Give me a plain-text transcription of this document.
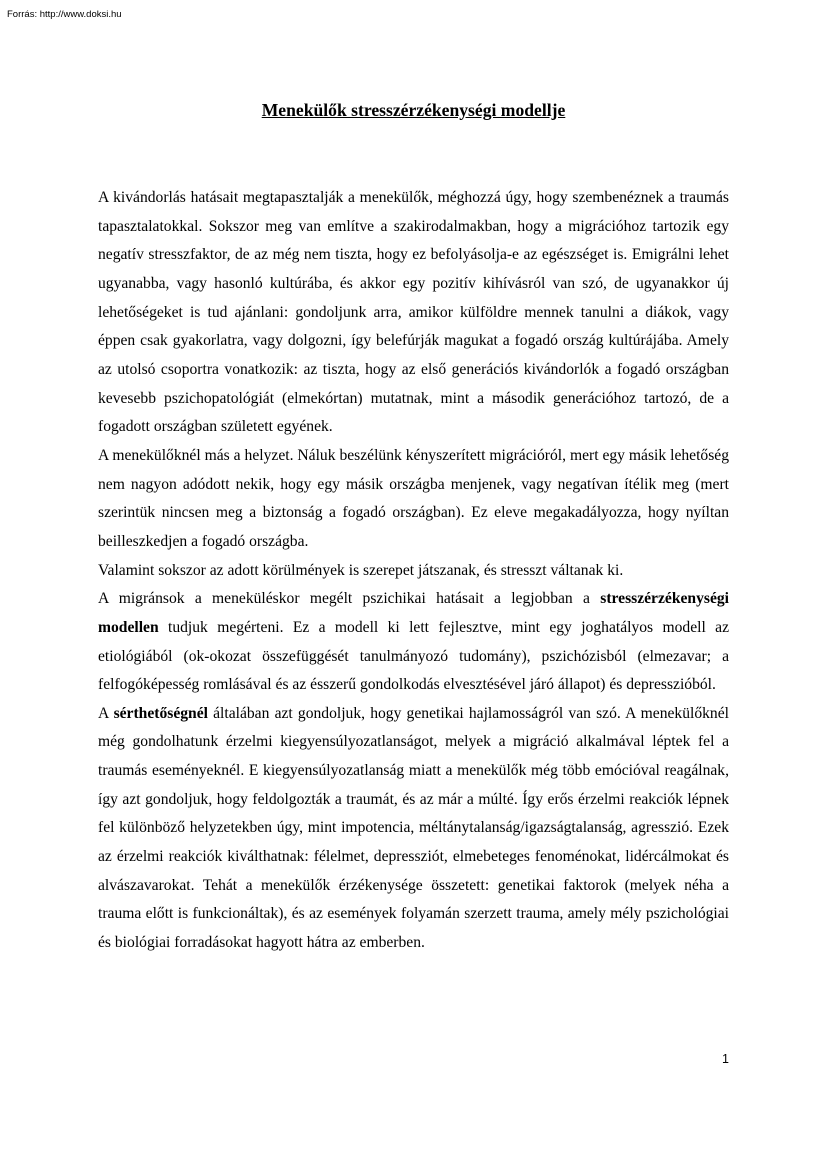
Forrás: http://www.doksi.hu
Menekülők stresszérzékenységi modellje

A kivándorlás hatásait megtapasztalják a menekülők, méghozzá úgy, hogy szembenéznek a traumás tapasztalatokkal. Sokszor meg van említve a szakirodalmakban, hogy a migrációhoz tartozik egy negatív stresszfaktor, de az még nem tiszta, hogy ez befolyásolja-e az egészséget is. Emigrálni lehet ugyanabba, vagy hasonló kultúrába, és akkor egy pozitív kihívásról van szó, de ugyanakkor új lehetőségeket is tud ajánlani: gondoljunk arra, amikor külföldre mennek tanulni a diákok, vagy éppen csak gyakorlatra, vagy dolgozni, így belefúrják magukat a fogadó ország kultúrájába. Amely az utolsó csoportra vonatkozik: az tiszta, hogy az első generációs kivándorlók a fogadó országban kevesebb pszichopatológiát (elmekórtan) mutatnak, mint a második generációhoz tartozó, de a fogadott országban született egyének.

A menekülőknél más a helyzet. Náluk beszélünk kényszerített migrációról, mert egy másik lehetőség nem nagyon adódott nekik, hogy egy másik országba menjenek, vagy negatívan ítélik meg (mert szerintük nincsen meg a biztonság a fogadó országban). Ez eleve megakadályozza, hogy nyíltan beilleszkedjen a fogadó országba.

Valamint sokszor az adott körülmények is szerepet játszanak, és stresszt váltanak ki.

A migránsok a meneküléskor megélt pszichikai hatásait a legjobban a stresszérzékenységi modellen tudjuk megérteni. Ez a modell ki lett fejlesztve, mint egy joghatályos modell az etiológiából (ok-okozat összefüggését tanulmányozó tudomány), pszichózisból (elmezavar; a felfogóképesség romlásával és az ésszerű gondolkodás elvesztésével járó állapot) és depresszióból.

A sérthetőségnél általában azt gondoljuk, hogy genetikai hajlamosságról van szó. A menekülőknél még gondolhatunk érzelmi kiegyensúlyozatlanságot, melyek a migráció alkalmával léptek fel a traumás eseményeknél. E kiegyensúlyozatlanság miatt a menekülők még több emócióval reagálnak, így azt gondoljuk, hogy feldolgozták a traumát, és az már a múlté. Így erős érzelmi reakciók lépnek fel különböző helyzetekben úgy, mint impotencia, méltánytalanság/igazságtalanság, agresszió. Ezek az érzelmi reakciók kiválthatnak: félelmet, depressziót, elmebeteges fenoménokat, lidércálmokat és alvászavarokat. Tehát a menekülők érzékenysége összetett: genetikai faktorok (melyek néha a trauma előtt is funkcionáltak), és az események folyamán szerzett trauma, amely mély pszichológiai és biológiai forradásokat hagyott hátra az emberben.

1
